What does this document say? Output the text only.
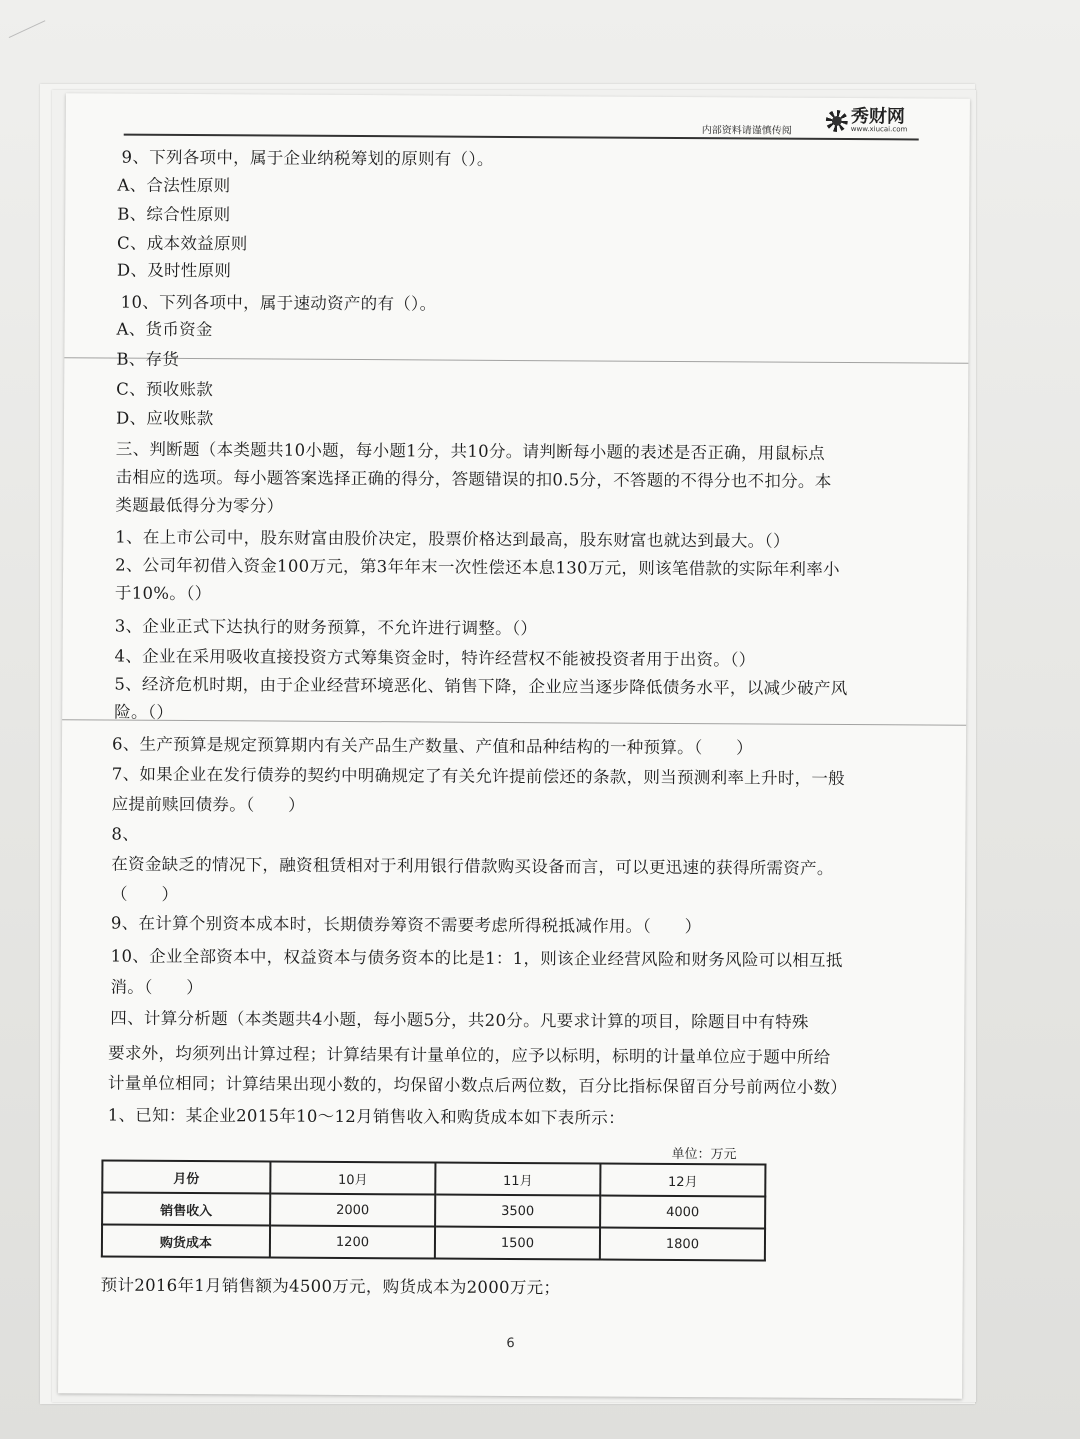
秀财网
www.xiucai.com
内部资料请谨慎传阅
9、下列各项中，属于企业纳税筹划的原则有（）。
A、合法性原则
B、综合性原则
C、成本效益原则
D、及时性原则
10、下列各项中，属于速动资产的有（）。
A、货币资金
B、存货
C、预收账款
D、应收账款
三、判断题（本类题共10小题，每小题1分，共10分。请判断每小题的表述是否正确，用鼠标点
击相应的选项。每小题答案选择正确的得分，答题错误的扣0.5分，不答题的不得分也不扣分。本
类题最低得分为零分）
1、在上市公司中，股东财富由股价决定，股票价格达到最高，股东财富也就达到最大。（）
2、公司年初借入资金100万元，第3年年末一次性偿还本息130万元，则该笔借款的实际年利率小
于10%。（）
3、企业正式下达执行的财务预算，不允许进行调整。（）
4、企业在采用吸收直接投资方式筹集资金时，特许经营权不能被投资者用于出资。（）
5、经济危机时期，由于企业经营环境恶化、销售下降，企业应当逐步降低债务水平，以减少破产风
险。（）
6、生产预算是规定预算期内有关产品生产数量、产值和品种结构的一种预算。（　　）
7、如果企业在发行债券的契约中明确规定了有关允许提前偿还的条款，则当预测利率上升时，一般
应提前赎回债券。（　　）
8、
在资金缺乏的情况下，融资租赁相对于利用银行借款购买设备而言，可以更迅速的获得所需资产。
（　　）
9、在计算个别资本成本时，长期债券筹资不需要考虑所得税抵减作用。（　　）
10、企业全部资本中，权益资本与债务资本的比是1：1，则该企业经营风险和财务风险可以相互抵
消。（　　）
四、计算分析题（本类题共4小题，每小题5分，共20分。凡要求计算的项目，除题目中有特殊
要求外，均须列出计算过程；计算结果有计量单位的，应予以标明，标明的计量单位应于题中所给
计量单位相同；计算结果出现小数的，均保留小数点后两位数，百分比指标保留百分号前两位小数）
1、已知：某企业2015年10～12月销售收入和购货成本如下表所示：
单位：万元
月份	10月	11月	12月
销售收入	2000	3500	4000
购货成本	1200	1500	1800
预计2016年1月销售额为4500万元，购货成本为2000万元；
6
